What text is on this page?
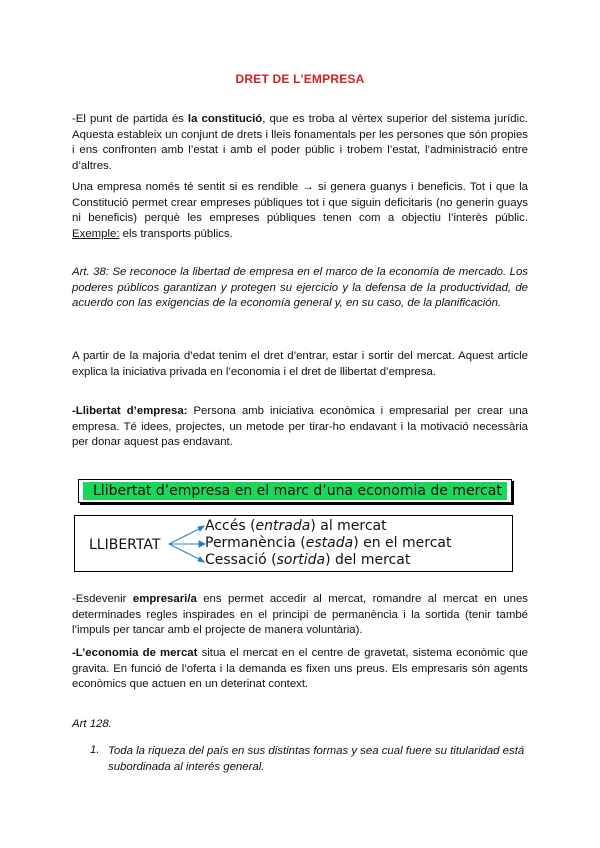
DRET DE L'EMPRESA
-El punt de partida és la constitució, que es troba al vèrtex superior del sistema jurídic. Aquesta estableix un conjunt de drets i lleis fonamentals per les persones que són propies i ens confronten amb l’estat i amb el poder públic i trobem l’estat, l’administració entre d’altres.
Una empresa només té sentit si es rendible → si genera guanys i beneficis. Tot i que la Constitució permet crear empreses públiques tot i que siguin deficitaris (no generin guays ni beneficis) perquè les empreses públiques tenen com a objectiu l’interès públic. Exemple: els transports públics.
Art. 38: Se reconoce la libertad de empresa en el marco de la economía de mercado. Los poderes públicos garantizan y protegen su ejercicio y la defensa de la productividad, de acuerdo con las exigencias de la economía general y, en su caso, de la planificación.
A partir de la majoria d’edat tenim el dret d’entrar, estar i sortir del mercat. Aquest article explica la iniciativa privada en l’economia i el dret de llibertat d’empresa.
-Llibertat d’empresa: Persona amb iniciativa econòmica i empresarial per crear una empresa. Té idees, projectes, un metode per tirar-ho endavant i la motivació necessària per donar aquest pas endavant.
Llibertat d’empresa en el marc d’una economia de mercat
LLIBERTAT
Accés (entrada) al mercat
Permanència (estada) en el mercat
Cessació (sortida) del mercat
-Esdevenir empresari/a ens permet accedir al mercat, romandre al mercat en unes determinades regles inspirades en el principi de permanència i la sortida (tenir també l’impuls per tancar amb el projecte de manera voluntària).
-L’economia de mercat situa el mercat en el centre de gravetat, sistema econòmic que gravita. En funció de l’oferta i la demanda es fixen uns preus. Els empresaris són agents econòmics que actuen en un deterinat context.
Art 128.
1. Toda la riqueza del país en sus distintas formas y sea cual fuere su titularidad está subordinada al interés general.
